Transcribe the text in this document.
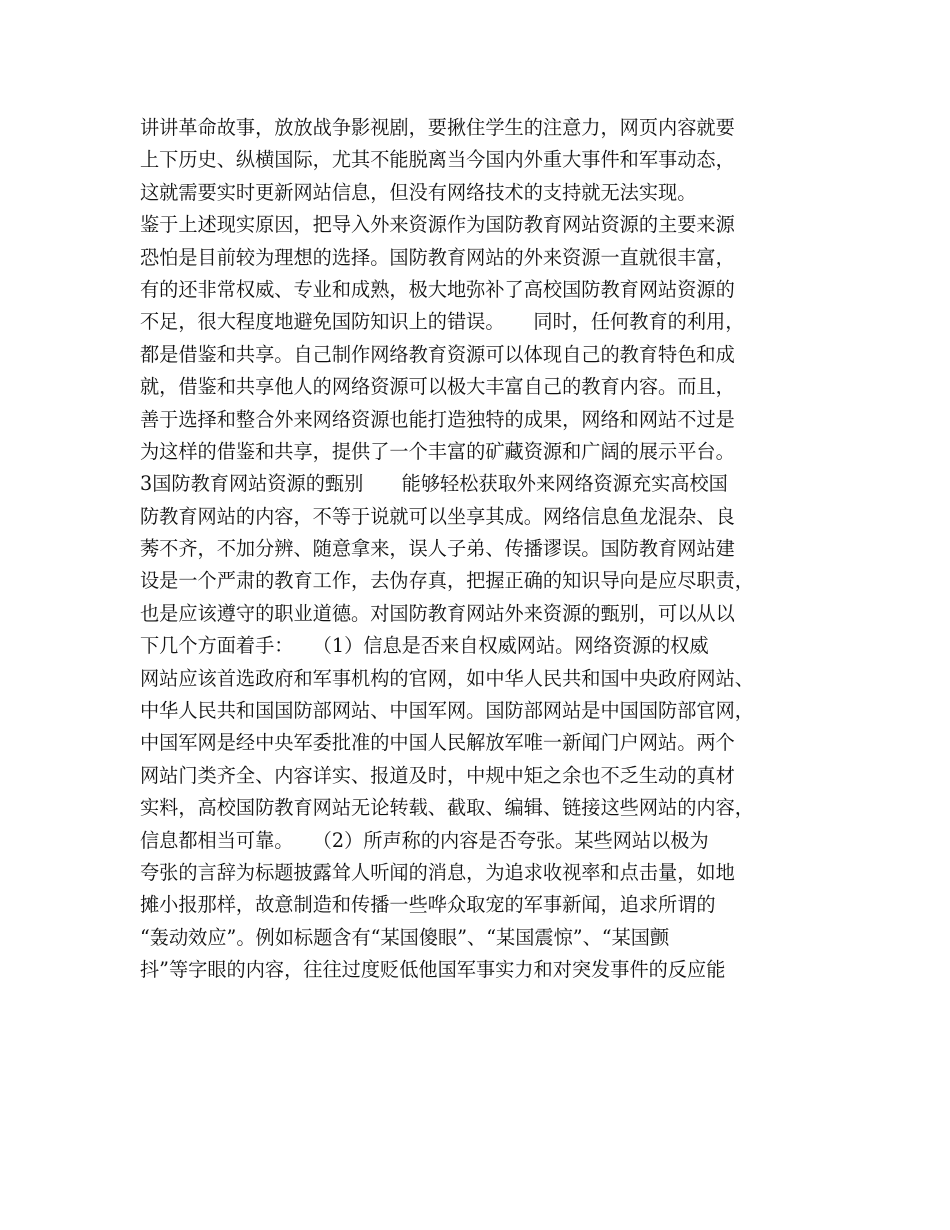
讲讲革命故事，放放战争影视剧，要揪住学生的注意力，网页内容就要
上下历史、纵横国际，尤其不能脱离当今国内外重大事件和军事动态，
这就需要实时更新网站信息，但没有网络技术的支持就无法实现。
鉴于上述现实原因，把导入外来资源作为国防教育网站资源的主要来源
恐怕是目前较为理想的选择。国防教育网站的外来资源一直就很丰富，
有的还非常权威、专业和成熟，极大地弥补了高校国防教育网站资源的
不足，很大程度地避免国防知识上的错误。　　同时，任何教育的利用，
都是借鉴和共享。自己制作网络教育资源可以体现自己的教育特色和成
就，借鉴和共享他人的网络资源可以极大丰富自己的教育内容。而且，
善于选择和整合外来网络资源也能打造独特的成果，网络和网站不过是
为这样的借鉴和共享，提供了一个丰富的矿藏资源和广阔的展示平台。
3国防教育网站资源的甄别　　能够轻松获取外来网络资源充实高校国
防教育网站的内容，不等于说就可以坐享其成。网络信息鱼龙混杂、良
莠不齐，不加分辨、随意拿来，误人子弟、传播谬误。国防教育网站建
设是一个严肃的教育工作，去伪存真，把握正确的知识导向是应尽职责，
也是应该遵守的职业道德。对国防教育网站外来资源的甄别，可以从以
下几个方面着手：　　（1）信息是否来自权威网站。网络资源的权威
网站应该首选政府和军事机构的官网，如中华人民共和国中央政府网站、
中华人民共和国国防部网站、中国军网。国防部网站是中国国防部官网，
中国军网是经中央军委批准的中国人民解放军唯一新闻门户网站。两个
网站门类齐全、内容详实、报道及时，中规中矩之余也不乏生动的真材
实料，高校国防教育网站无论转载、截取、编辑、链接这些网站的内容，
信息都相当可靠。　　（2）所声称的内容是否夸张。某些网站以极为
夸张的言辞为标题披露耸人听闻的消息，为追求收视率和点击量，如地
摊小报那样，故意制造和传播一些哗众取宠的军事新闻，追求所谓的
“轰动效应”。例如标题含有“某国傻眼”、“某国震惊”、“某国颤
抖”等字眼的内容，往往过度贬低他国军事实力和对突发事件的反应能
